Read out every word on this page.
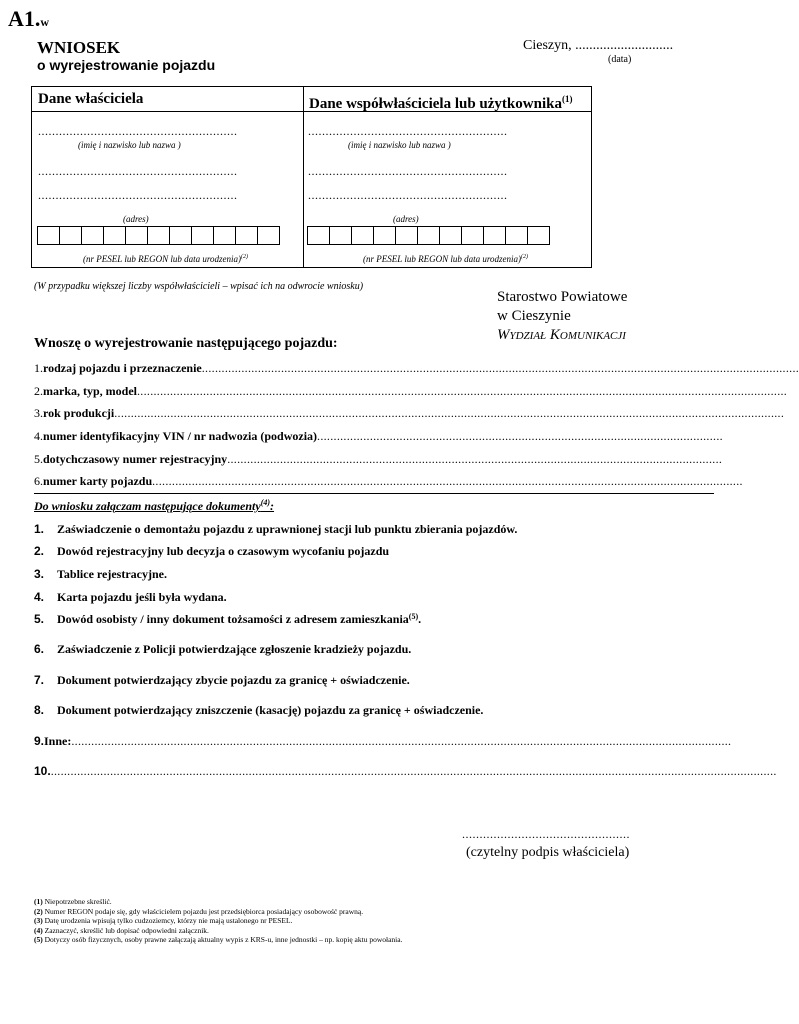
A1.w
WNIOSEK
o wyrejestrowanie pojazdu
Cieszyn, ............................
(data)
Dane właściciela	Dane współwłaściciela lub użytkownika$^{(1)}$
.........................................................
(imię i nazwisko lub nazwa )
.........................................................
.........................................................
(adres)
(nr PESEL lub REGON lub data urodzenia)$^{(2)}$
.........................................................
(imię i nazwisko lub nazwa )
.........................................................
.........................................................
(adres)
(nr PESEL lub REGON lub data urodzenia)$^{(2)}$
(W przypadku większej liczby współwłaścicieli – wpisać ich na odwrocie wniosku)
Starostwo Powiatowe
w Cieszynie
Wydział Komunikacji
Wnoszę o wyrejestrowanie następującego pojazdu:
1. rodzaj pojazdu i przeznaczenie .....................................................................................................................................................................................
2. marka, typ, model .....................................................................................................................................................................................................
3. rok produkcji ...........................................................................................................................................................................................................
4. numer identyfikacyjny VIN / nr nadwozia (podwozia) ...........................................................................................................................
5. dotychczasowy numer rejestracyjny ......................................................................................................................................................
6. numer karty pojazdu ...................................................................................................................................................................................
Do wniosku załączam następujące dokumenty$^{(4)}$:
1.	Zaświadczenie o demontażu pojazdu z uprawnionej stacji lub punktu zbierania pojazdów.
2.	Dowód rejestracyjny lub decyzja o czasowym wycofaniu pojazdu
3.	Tablice rejestracyjne.
4.	Karta pojazdu jeśli była wydana.
5.	Dowód osobisty / inny dokument tożsamości z adresem zamieszkania (5) .
6.	Zaświadczenie z Policji potwierdzające zgłoszenie kradzieży pojazdu.
7.	Dokument potwierdzający zbycie pojazdu za granicę + oświadczenie.
8.	Dokument potwierdzający zniszczenie (kasację) pojazdu za granicę + oświadczenie.
9. Inne: ........................................................................................................................................................................................................
10. ............................................................................................................................................................................................................................
................................................
(czytelny podpis właściciela)
(1) Niepotrzebne skreślić.
(2) Numer REGON podaje się, gdy właścicielem pojazdu jest przedsiębiorca posiadający osobowość prawną.
(3) Datę urodzenia wpisują tylko cudzoziemcy, którzy nie mają ustalonego nr PESEL.
(4) Zaznaczyć, skreślić lub dopisać odpowiedni załącznik.
(5) Dotyczy osób fizycznych, osoby prawne załączają aktualny wypis z KRS-u, inne jednostki – np. kopię aktu powołania.
